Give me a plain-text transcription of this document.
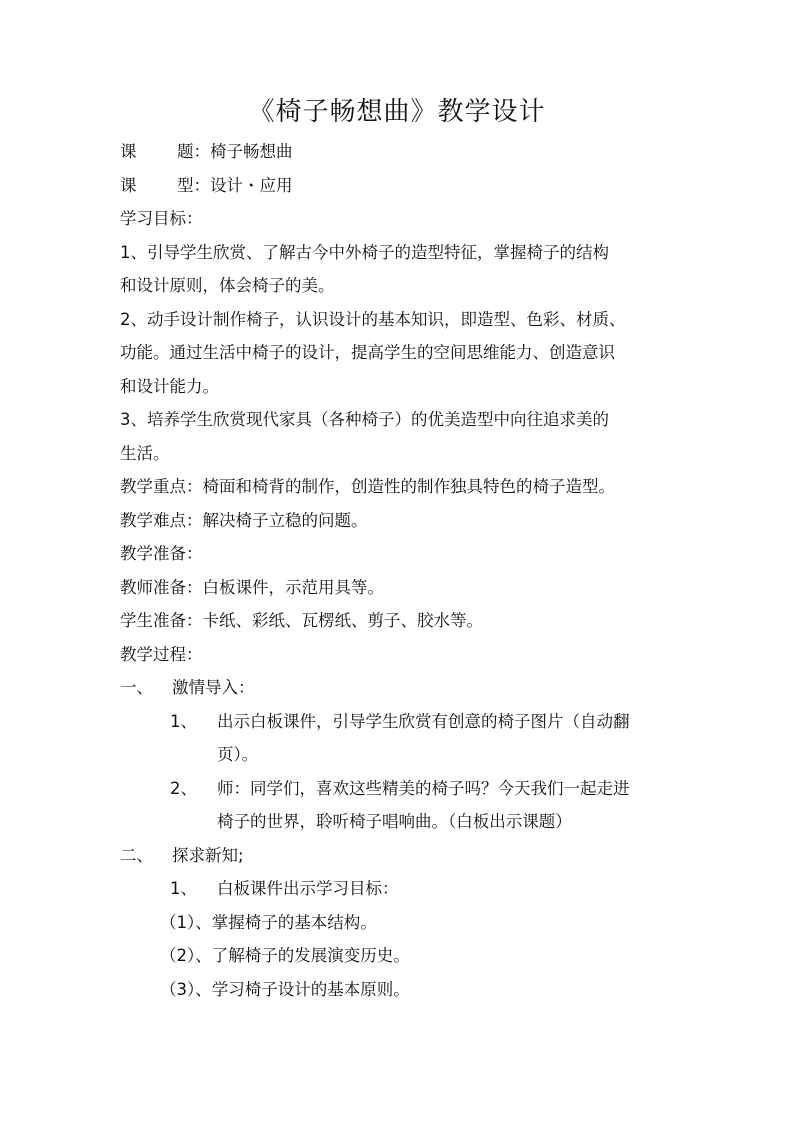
《椅子畅想曲》教学设计
课 题：椅子畅想曲
课 型：设计・应用
学习目标：
1、引导学生欣赏、了解古今中外椅子的造型特征，掌握椅子的结构
和设计原则，体会椅子的美。
2、动手设计制作椅子，认识设计的基本知识，即造型、色彩、材质、
功能。通过生活中椅子的设计，提高学生的空间思维能力、创造意识
和设计能力。
3、培养学生欣赏现代家具（各种椅子）的优美造型中向往追求美的
生活。
教学重点：椅面和椅背的制作，创造性的制作独具特色的椅子造型。
教学难点：解决椅子立稳的问题。
教学准备：
教师准备：白板课件，示范用具等。
学生准备：卡纸、彩纸、瓦楞纸、剪子、胶水等。
教学过程：
一、 激情导入：
1、 出示白板课件，引导学生欣赏有创意的椅子图片（自动翻
页）。
2、 师：同学们，喜欢这些精美的椅子吗？今天我们一起走进
椅子的世界，聆听椅子唱响曲。（白板出示课题）
二、 探求新知;
1、 白板课件出示学习目标：
（1）、掌握椅子的基本结构。
（2）、了解椅子的发展演变历史。
（3）、学习椅子设计的基本原则。
